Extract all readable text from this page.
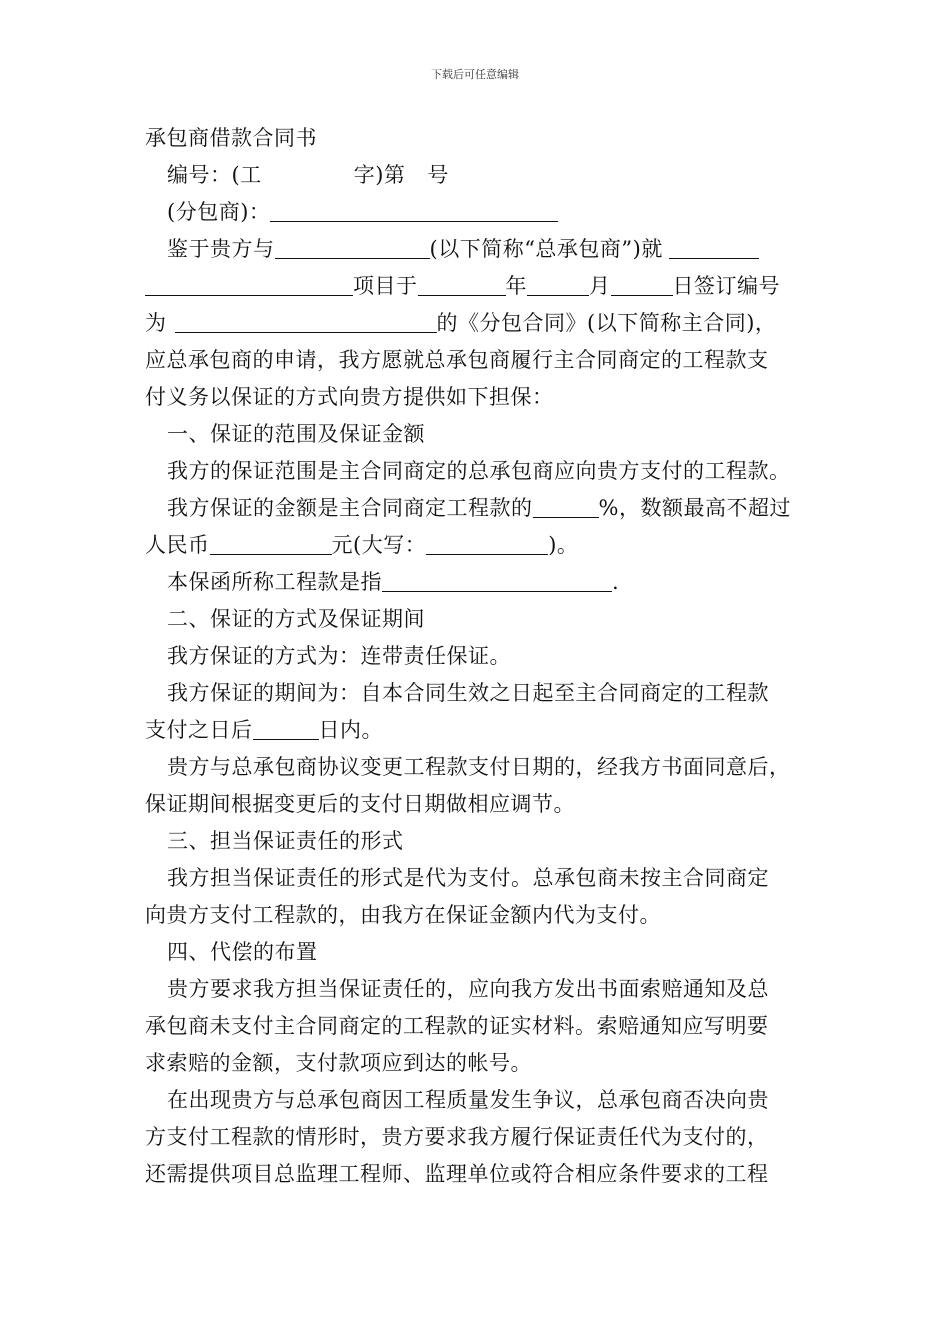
下载后可任意编辑
承包商借款合同书
编号：(工	字)第 号
(分包商)：
鉴于贵方与	(以下简称“总承包商”)就
项目于	年	月	日签订编号
为	的《分包合同》(以下简称主合同)，
应总承包商的申请，我方愿就总承包商履行主合同商定的工程款支
付义务以保证的方式向贵方提供如下担保：
一、保证的范围及保证金额
我方的保证范围是主合同商定的总承包商应向贵方支付的工程款。
我方保证的金额是主合同商定工程款的	%，数额最高不超过
人民币	元(大写：	)。
本保函所称工程款是指	.
二、保证的方式及保证期间
我方保证的方式为：连带责任保证。
我方保证的期间为：自本合同生效之日起至主合同商定的工程款
支付之日后	日内。
贵方与总承包商协议变更工程款支付日期的，经我方书面同意后，
保证期间根据变更后的支付日期做相应调节。
三、担当保证责任的形式
我方担当保证责任的形式是代为支付。总承包商未按主合同商定
向贵方支付工程款的，由我方在保证金额内代为支付。
四、代偿的布置
贵方要求我方担当保证责任的，应向我方发出书面索赔通知及总
承包商未支付主合同商定的工程款的证实材料。索赔通知应写明要
求索赔的金额，支付款项应到达的帐号。
在出现贵方与总承包商因工程质量发生争议，总承包商否决向贵
方支付工程款的情形时，贵方要求我方履行保证责任代为支付的，
还需提供项目总监理工程师、监理单位或符合相应条件要求的工程
